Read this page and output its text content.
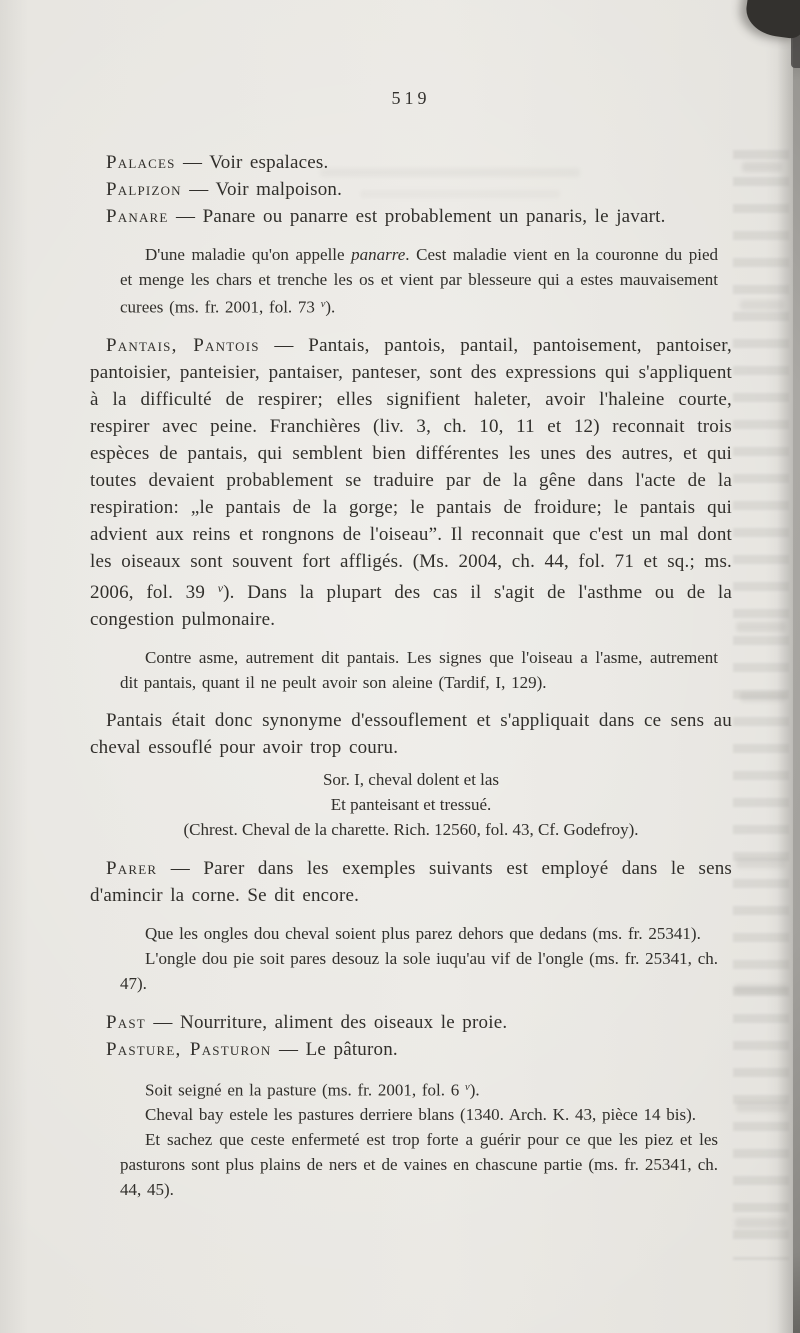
519

Palaces — Voir espalaces.

Palpizon — Voir malpoison.

Panare — Panare ou panarre est probablement un panaris, le javart.

D'une maladie qu'on appelle panarre. Cest maladie vient en la couronne du pied et menge les chars et trenche les os et vient par blesseure qui a estes mauvaisement curees (ms. fr. 2001, fol. 73 $^v$).

Pantais, Pantois — Pantais, pantois, pantail, pantoisement, pantoiser, pantoisier, panteisier, pantaiser, panteser, sont des expressions qui s'appliquent à la difficulté de respirer; elles signifient haleter, avoir l'haleine courte, respirer avec peine. Franchières (liv. 3, ch. 10, 11 et 12) reconnait trois espèces de pantais, qui semblent bien différentes les unes des autres, et qui toutes devaient probablement se traduire par de la gêne dans l'acte de la respiration: „le pantais de la gorge; le pantais de froidure; le pantais qui advient aux reins et rongnons de l'oiseau”. Il reconnait que c'est un mal dont les oiseaux sont souvent fort affligés. (Ms. 2004, ch. 44, fol. 71 et sq.; ms. 2006, fol. 39 $^v$). Dans la plupart des cas il s'agit de l'asthme ou de la congestion pulmonaire.

Contre asme, autrement dit pantais. Les signes que l'oiseau a l'asme, autrement dit pantais, quant il ne peult avoir son aleine (Tardif, I, 129).

Pantais était donc synonyme d'essouflement et s'appliquait dans ce sens au cheval essouflé pour avoir trop couru.

Sor. I, cheval dolent et las
Et panteisant et tressué.
(Chrest. Cheval de la charette. Rich. 12560, fol. 43, Cf. Godefroy).

Parer — Parer dans les exemples suivants est employé dans le sens d'amincir la corne. Se dit encore.

Que les ongles dou cheval soient plus parez dehors que dedans (ms. fr. 25341).

L'ongle dou pie soit pares desouz la sole iuqu'au vif de l'ongle (ms. fr. 25341, ch. 47).

Past — Nourriture, aliment des oiseaux le proie.

Pasture, Pasturon — Le pâturon.

Soit seigné en la pasture (ms. fr. 2001, fol. 6 $^v$).

Cheval bay estele les pastures derriere blans (1340. Arch. K. 43, pièce 14 bis).

Et sachez que ceste enfermeté est trop forte a guérir pour ce que les piez et les pasturons sont plus plains de ners et de vaines en chascune partie (ms. fr. 25341, ch. 44, 45).
